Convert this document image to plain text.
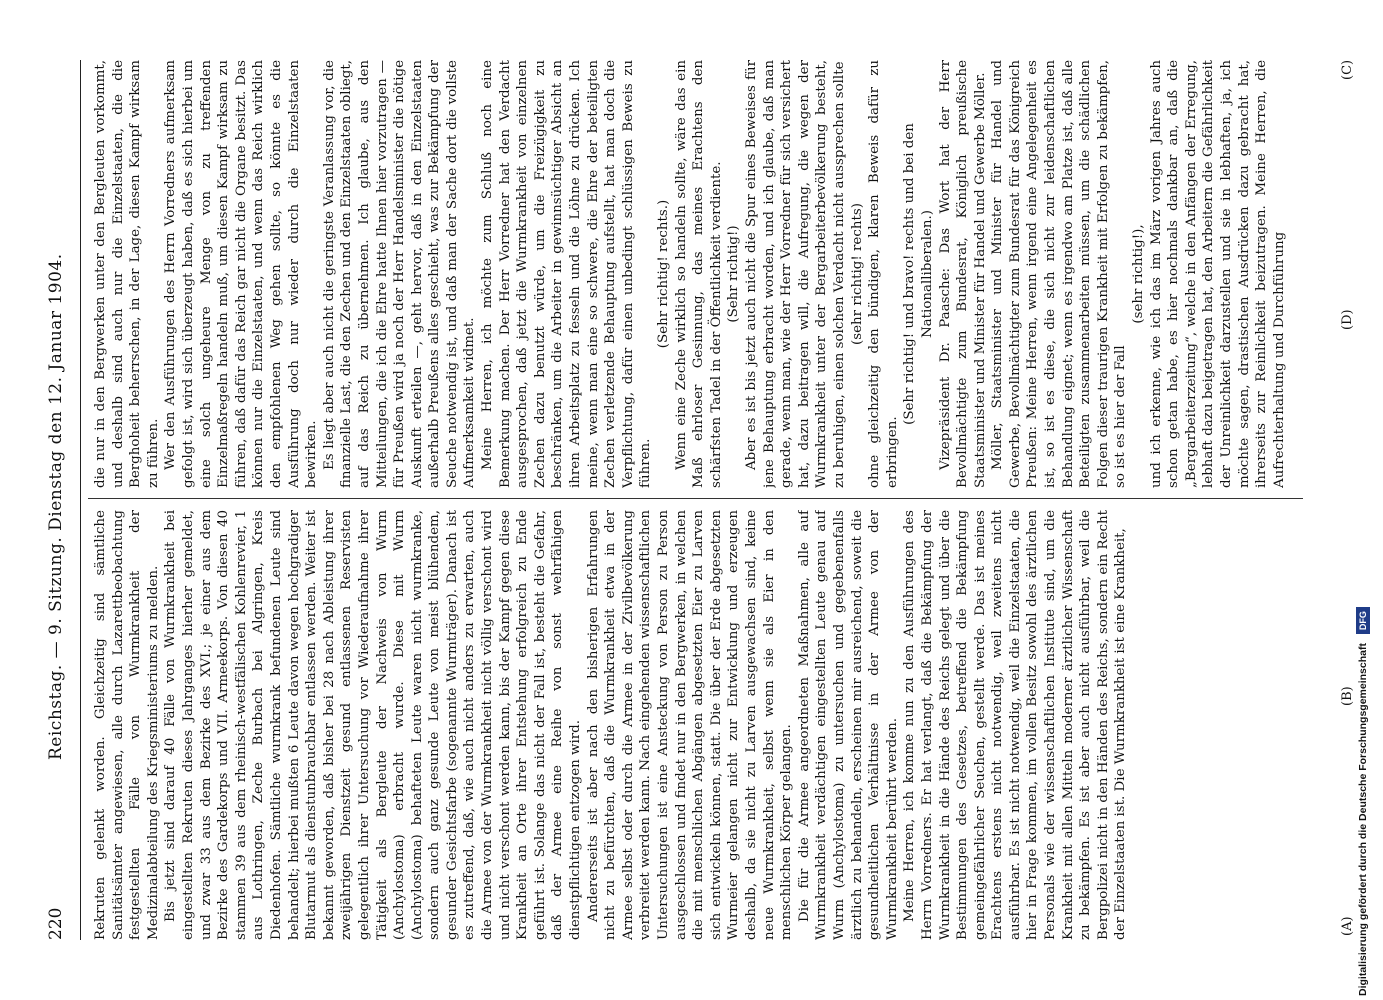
220
Reichstag. — 9. Sitzung. Dienstag den 12. Januar 1904.
(A)
(B)
(C)
(D)

Rekruten gelenkt worden. Gleichzeitig sind sämtliche Sanitätsämter angewiesen, alle durch Lazarettbeobachtung festgestellten Fälle von Wurmkrankheit der Medizinalabteilung des Kriegsministeriums zu melden. Bis jetzt sind darauf 40 Fälle von Wurmkrankheit bei eingestellten Rekruten dieses Jahrganges hierher gemeldet, und zwar 33 aus dem Bezirke des XVI.; je einer aus dem Bezirke des Gardekorps und VII. Armeekorps. Von diesen 40 stammen 39 aus dem rheinisch-westfälischen Kohlenrevier, 1 aus Lothringen, Zeche Burbach bei Algringen, Kreis Diedenhofen. Sämtliche wurmkrank befundenen Leute sind behandelt; hierbei mußten 6 Leute davon wegen hochgradiger Blutarmut als dienstunbrauchbar entlassen werden. Weiter ist bekannt geworden, daß bisher bei 28 nach Ableistung ihrer zweijährigen Dienstzeit gesund entlassenen Reservisten gelegentlich ihrer Untersuchung vor Wiederaufnahme ihrer Tätigkeit als Bergleute der Nachweis von Wurm (Anchylostoma) erbracht wurde. Diese mit Wurm (Anchylostoma) behafteten Leute waren nicht wurmkranke, sondern auch ganz gesunde Leute von meist blühendem, gesunder Gesichtsfarbe (sogenannte Wurmträger). Danach ist es zutreffend, daß, wie auch nicht anders zu erwarten, auch die Armee von der Wurmkrankheit nicht völlig verschont wird und nicht verschont werden kann, bis der Kampf gegen diese Krankheit an Orte ihrer Entstehung erfolgreich zu Ende geführt ist. Solange das nicht der Fall ist, besteht die Gefahr, daß der Armee eine Reihe von sonst wehrfähigen dienstpflichtigen entzogen wird. Andererseits ist aber nach den bisherigen Erfahrungen nicht zu befürchten, daß die Wurmkrankheit etwa in der Armee selbst oder durch die Armee in der Zivilbevölkerung verbreitet werden kann. Nach eingehenden wissenschaftlichen Untersuchungen ist eine Ansteckung von Person zu Person ausgeschlossen und findet nur in den Bergwerken, in welchen die mit menschlichen Abgängen abgesetzten Eier zu Larven sich entwickeln können, statt. Die über der Erde abgesetzten Wurmeier gelangen nicht zur Entwicklung und erzeugen deshalb, da sie nicht zu Larven ausgewachsen sind, keine neue Wurmkrankheit, selbst wenn sie als Eier in den menschlichen Körper gelangen. Die für die Armee angeordneten Maßnahmen, alle auf Wurmkrankheit verdächtigen eingestellten Leute genau auf Wurm (Anchylostoma) zu untersuchen und gegebenenfalls ärztlich zu behandeln, erscheinen mir ausreichend, soweit die gesundheitlichen Verhältnisse in der Armee von der Wurmkrankheit berührt werden. Meine Herren, ich komme nun zu den Ausführungen des Herrn Vorredners. Er hat verlangt, daß die Bekämpfung der Wurmkrankheit in die Hände des Reichs gelegt und über die Bestimmungen des Gesetzes, betreffend die Bekämpfung gemeingefährlicher Seuchen, gestellt werde. Das ist meines Erachtens erstens nicht notwendig, weil zweitens nicht ausführbar. Es ist nicht notwendig, weil die Einzelstaaten, die hier in Frage kommen, im vollen Besitz sowohl des ärztlichen Personals wie der wissenschaftlichen Institute sind, um die Krankheit mit allen Mitteln moderner ärztlicher Wissenschaft zu bekämpfen. Es ist aber auch nicht ausführbar, weil die Bergpolizei nicht in den Händen des Reichs, sondern ein Recht der Einzelstaaten ist. Die Wurmkrankheit ist eine Krankheit,

die nur in den Bergwerken unter den Bergleuten vorkommt, und deshalb sind auch nur die Einzelstaaten, die die Berghoheit beherrschen, in der Lage, diesen Kampf wirksam zu führen. Wer den Ausführungen des Herrn Vorredners aufmerksam gefolgt ist, wird sich überzeugt haben, daß es sich hierbei um eine solch ungeheure Menge von zu treffenden Einzelmaßregeln handeln muß, um diesen Kampf wirksam zu führen, daß dafür das Reich gar nicht die Organe besitzt. Das können nur die Einzelstaaten, und wenn das Reich wirklich den empfohlenen Weg gehen sollte, so könnte es die Ausführung doch nur wieder durch die Einzelstaaten bewirken. Es liegt aber auch nicht die geringste Veranlassung vor, die finanzielle Last, die den Zechen und den Einzelstaaten obliegt, auf das Reich zu übernehmen. Ich glaube, aus den Mitteilungen, die ich die Ehre hatte Ihnen hier vorzutragen — für Preußen wird ja noch der Herr Handelsminister die nötige Auskunft erteilen —, geht hervor, daß in den Einzelstaaten außerhalb Preußens alles geschieht, was zur Bekämpfung der Seuche notwendig ist, und daß man der Sache dort die vollste Aufmerksamkeit widmet. Meine Herren, ich möchte zum Schluß noch eine Bemerkung machen. Der Herr Vorredner hat den Verdacht ausgesprochen, daß jetzt die Wurmkrankheit von einzelnen Zechen dazu benutzt würde, um die Freizügigkeit zu beschränken, um die Arbeiter in gewinnsüchtiger Absicht an ihren Arbeitsplatz zu fesseln und die Löhne zu drücken. Ich meine, wenn man eine so schwere, die Ehre der beteiligten Zechen verletzende Behauptung aufstellt, hat man doch die Verpflichtung, dafür einen unbedingt schlüssigen Beweis zu führen.

(Sehr richtig! rechts.) Wenn eine Zeche wirklich so handeln sollte, wäre das ein Maß ehrloser Gesinnung, das meines Erachtens den schärfsten Tadel in der Öffentlichkeit verdiente. (Sehr richtig!) Aber es ist bis jetzt auch nicht die Spur eines Beweises für jene Behauptung erbracht worden, und ich glaube, daß man gerade, wenn man, wie der Herr Vorredner für sich versichert hat, dazu beitragen will, die Aufregung, die wegen der Wurmkrankheit unter der Bergarbeiterbevölkerung besteht, zu beruhigen, einen solchen Verdacht nicht aussprechen sollte (sehr richtig! rechts) ohne gleichzeitig den bündigen, klaren Beweis dafür zu erbringen.

(Sehr richtig! und bravo! rechts und bei den Nationalliberalen.) Vizepräsident Dr. Paasche: Das Wort hat der Herr Bevollmächtigte zum Bundesrat, Königlich preußische Staatsminister und Minister für Handel und Gewerbe Möller. Möller, Staatsminister und Minister für Handel und Gewerbe, Bevollmächtigter zum Bundesrat für das Königreich Preußen: Meine Herren, wenn irgend eine Angelegenheit es ist, so ist es diese, die sich nicht zur leidenschaftlichen Behandlung eignet; wenn es irgendwo am Platze ist, daß alle Beteiligten zusammenarbeiten müssen, um die schädlichen Folgen dieser traurigen Krankheit mit Erfolgen zu bekämpfen, so ist es hier der Fall

(sehr richtig!), und ich erkenne, wie ich das im März vorigen Jahres auch schon getan habe, es hier nochmals dankbar an, daß die „Bergarbeiterzeitung“, welche in den Anfängen der Erregung, lebhaft dazu beigetragen hat, den Arbeitern die Gefährlichkeit der Unreinlichkeit darzustellen und sie in lebhaften, ja, ich möchte sagen, drastischen Ausdrücken dazu gebracht hat, ihrerseits zur Reinlichkeit beizutragen. Meine Herren, die Aufrechterhaltung und Durchführung

Digitalisierung gefördert durch die Deutsche Forschungsgemeinschaft DFG
